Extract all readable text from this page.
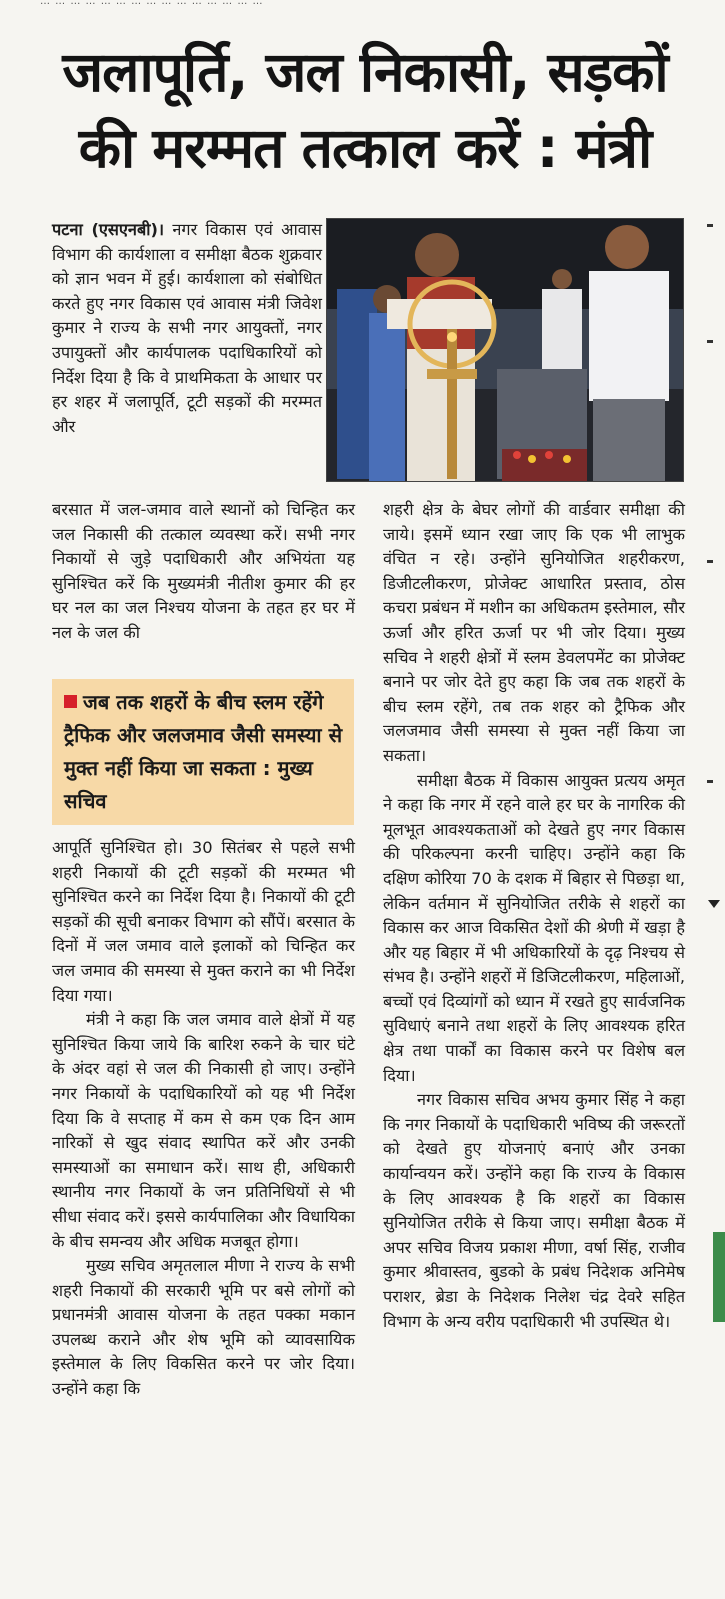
… … … … … … … … … … … … … … …
जलापूर्ति, जल निकासी, सड़कों
की मरम्मत तत्काल करें : मंत्री

पटना (एसएनबी)। नगर विकास एवं आवास विभाग की कार्यशाला व समीक्षा बैठक शुक्रवार को ज्ञान भवन में हुई। कार्यशाला को संबोधित करते हुए नगर विकास एवं आवास मंत्री जिवेश कुमार ने राज्य के सभी नगर आयुक्तों, नगर उपायुक्तों और कार्यपालक पदाधिकारियों को निर्देश दिया है कि वे प्राथमिकता के आधार पर हर शहर में जलापूर्ति, टूटी सड़कों की मरम्मत और

बरसात में जल-जमाव वाले स्थानों को चिन्हित कर जल निकासी की तत्काल व्यवस्था करें। सभी नगर निकायों से जुड़े पदाधिकारी और अभियंता यह सुनिश्चित करें कि मुख्यमंत्री नीतीश कुमार की हर घर नल का जल निश्चय योजना के तहत हर घर में नल के जल की

जब तक शहरों के बीच स्लम रहेंगे ट्रैफिक और जलजमाव जैसी समस्या से मुक्त नहीं किया जा सकता : मुख्य सचिव

आपूर्ति सुनिश्चित हो। 30 सितंबर से पहले सभी शहरी निकायों की टूटी सड़कों की मरम्मत भी सुनिश्चित करने का निर्देश दिया है। निकायों की टूटी सड़कों की सूची बनाकर विभाग को सौंपें। बरसात के दिनों में जल जमाव वाले इलाकों को चिन्हित कर जल जमाव की समस्या से मुक्त कराने का भी निर्देश दिया गया।

मंत्री ने कहा कि जल जमाव वाले क्षेत्रों में यह सुनिश्चित किया जाये कि बारिश रुकने के चार घंटे के अंदर वहां से जल की निकासी हो जाए। उन्होंने नगर निकायों के पदाधिकारियों को यह भी निर्देश दिया कि वे सप्ताह में कम से कम एक दिन आम नारिकों से खुद संवाद स्थापित करें और उनकी समस्याओं का समाधान करें। साथ ही, अधिकारी स्थानीय नगर निकायों के जन प्रतिनिधियों से भी सीधा संवाद करें। इससे कार्यपालिका और विधायिका के बीच समन्वय और अधिक मजबूत होगा।

मुख्य सचिव अमृतलाल मीणा ने राज्य के सभी शहरी निकायों की सरकारी भूमि पर बसे लोगों को प्रधानमंत्री आवास योजना के तहत पक्का मकान उपलब्ध कराने और शेष भूमि को व्यावसायिक इस्तेमाल के लिए विकसित करने पर जोर दिया। उन्होंने कहा कि

शहरी क्षेत्र के बेघर लोगों की वार्डवार समीक्षा की जाये। इसमें ध्यान रखा जाए कि एक भी लाभुक वंचित न रहे। उन्होंने सुनियोजित शहरीकरण, डिजीटलीकरण, प्रोजेक्ट आधारित प्रस्ताव, ठोस कचरा प्रबंधन में मशीन का अधिकतम इस्तेमाल, सौर ऊर्जा और हरित ऊर्जा पर भी जोर दिया। मुख्य सचिव ने शहरी क्षेत्रों में स्लम डेवलपमेंट का प्रोजेक्ट बनाने पर जोर देते हुए कहा कि जब तक शहरों के बीच स्लम रहेंगे, तब तक शहर को ट्रैफिक और जलजमाव जैसी समस्या से मुक्त नहीं किया जा सकता।

समीक्षा बैठक में विकास आयुक्त प्रत्यय अमृत ने कहा कि नगर में रहने वाले हर घर के नागरिक की मूलभूत आवश्यकताओं को देखते हुए नगर विकास की परिकल्पना करनी चाहिए। उन्होंने कहा कि दक्षिण कोरिया 70 के दशक में बिहार से पिछड़ा था, लेकिन वर्तमान में सुनियोजित तरीके से शहरों का विकास कर आज विकसित देशों की श्रेणी में खड़ा है और यह बिहार में भी अधिकारियों के दृढ़ निश्चय से संभव है। उन्होंने शहरों में डिजिटलीकरण, महिलाओं, बच्चों एवं दिव्यांगों को ध्यान में रखते हुए सार्वजनिक सुविधाएं बनाने तथा शहरों के लिए आवश्यक हरित क्षेत्र तथा पार्कों का विकास करने पर विशेष बल दिया।

नगर विकास सचिव अभय कुमार सिंह ने कहा कि नगर निकायों के पदाधिकारी भविष्य की जरूरतों को देखते हुए योजनाएं बनाएं और उनका कार्यान्वयन करें। उन्होंने कहा कि राज्य के विकास के लिए आवश्यक है कि शहरों का विकास सुनियोजित तरीके से किया जाए। समीक्षा बैठक में अपर सचिव विजय प्रकाश मीणा, वर्षा सिंह, राजीव कुमार श्रीवास्तव, बुडको के प्रबंध निदेशक अनिमेष पराशर, ब्रेडा के निदेशक निलेश चंद्र देवरे सहित विभाग के अन्य वरीय पदाधिकारी भी उपस्थित थे।
